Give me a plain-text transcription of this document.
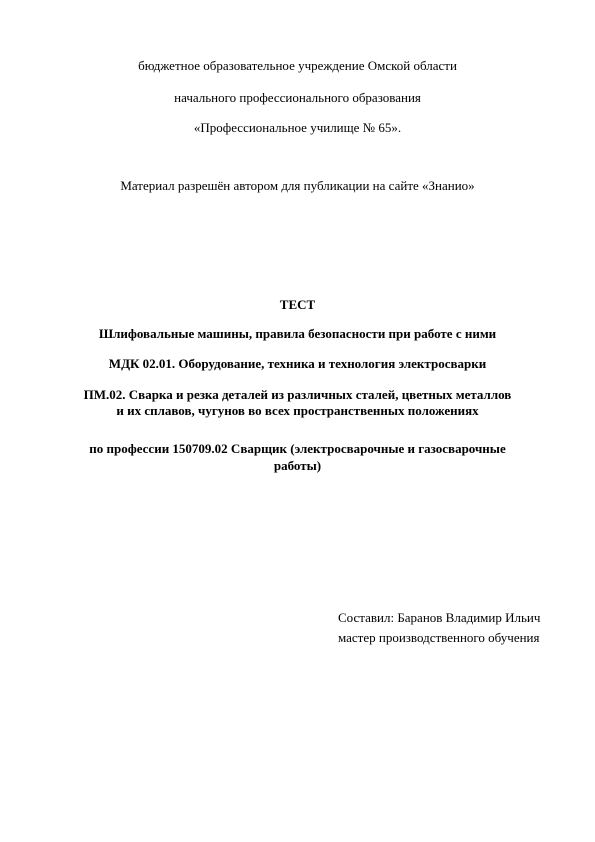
бюджетное образовательное учреждение Омской области
начального профессионального образования
«Профессиональное училище № 65».
Материал разрешён автором для публикации на сайте «Знанио»
ТЕСТ
Шлифовальные машины, правила безопасности при работе с ними
МДК 02.01. Оборудование, техника и технология электросварки
ПМ.02. Сварка и резка деталей из различных сталей, цветных металлов
и их сплавов, чугунов во всех пространственных положениях
по профессии 150709.02 Сварщик (электросварочные и газосварочные
работы)
Составил: Баранов Владимир Ильич
мастер производственного обучения
